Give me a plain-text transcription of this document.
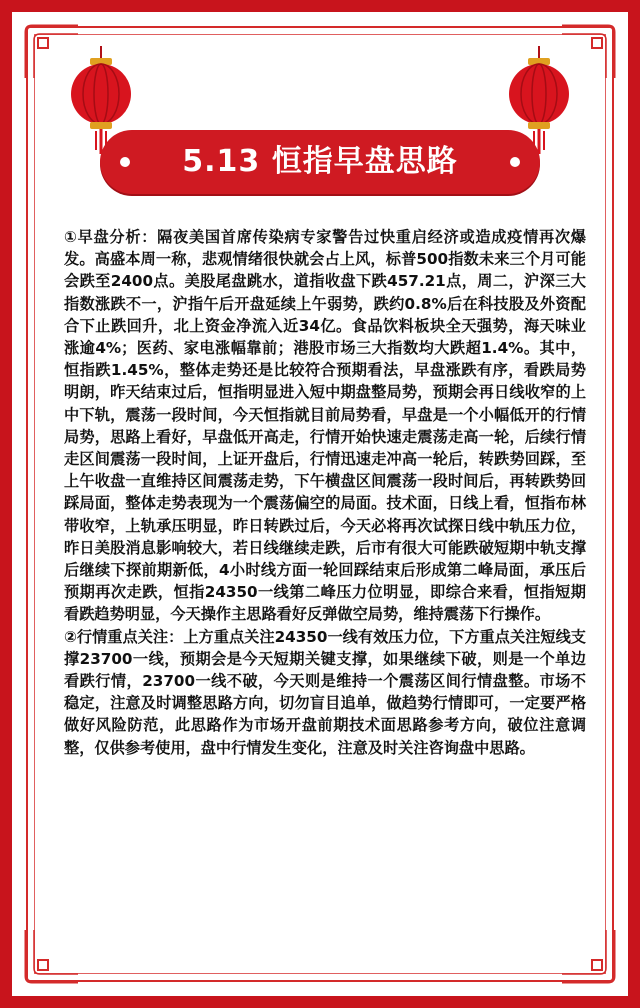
5.13 恒指早盘思路

①早盘分析：隔夜美国首席传染病专家警告过快重启经济或造成疫情再次爆发。高盛本周一称，悲观情绪很快就会占上风，标普500指数未来三个月可能会跌至2400点。美股尾盘跳水，道指收盘下跌457.21点，周二，沪深三大指数涨跌不一，沪指午后开盘延续上午弱势，跌约0.8%后在科技股及外资配合下止跌回升，北上资金净流入近34亿。食品饮料板块全天强势，海天味业涨逾4%；医药、家电涨幅靠前；港股市场三大指数均大跌超1.4%。其中，恒指跌1.45%，整体走势还是比较符合预期看法，早盘涨跌有序，看跌局势明朗，昨天结束过后，恒指明显进入短中期盘整局势，预期会再日线收窄的上中下轨，震荡一段时间，今天恒指就目前局势看，早盘是一个小幅低开的行情局势，思路上看好，早盘低开高走，行情开始快速走震荡走高一轮，后续行情走区间震荡一段时间，上证开盘后，行情迅速走冲高一轮后，转跌势回踩，至上午收盘一直维持区间震荡走势，下午横盘区间震荡一段时间后，再转跌势回踩局面，整体走势表现为一个震荡偏空的局面。技术面，日线上看，恒指布林带收窄，上轨承压明显，昨日转跌过后，今天必将再次试探日线中轨压力位，昨日美股消息影响较大，若日线继续走跌，后市有很大可能跌破短期中轨支撑后继续下探前期新低，4小时线方面一轮回踩结束后形成第二峰局面，承压后预期再次走跌，恒指24350一线第二峰压力位明显，即综合来看，恒指短期看跌趋势明显，今天操作主思路看好反弹做空局势，维持震荡下行操作。

②行情重点关注：上方重点关注24350一线有效压力位，下方重点关注短线支撑23700一线，预期会是今天短期关键支撑，如果继续下破，则是一个单边看跌行情，23700一线不破，今天则是维持一个震荡区间行情盘整。市场不稳定，注意及时调整思路方向，切勿盲目追单，做趋势行情即可，一定要严格做好风险防范，此思路作为市场开盘前期技术面思路参考方向，破位注意调整，仅供参考使用，盘中行情发生变化，注意及时关注咨询盘中思路。
